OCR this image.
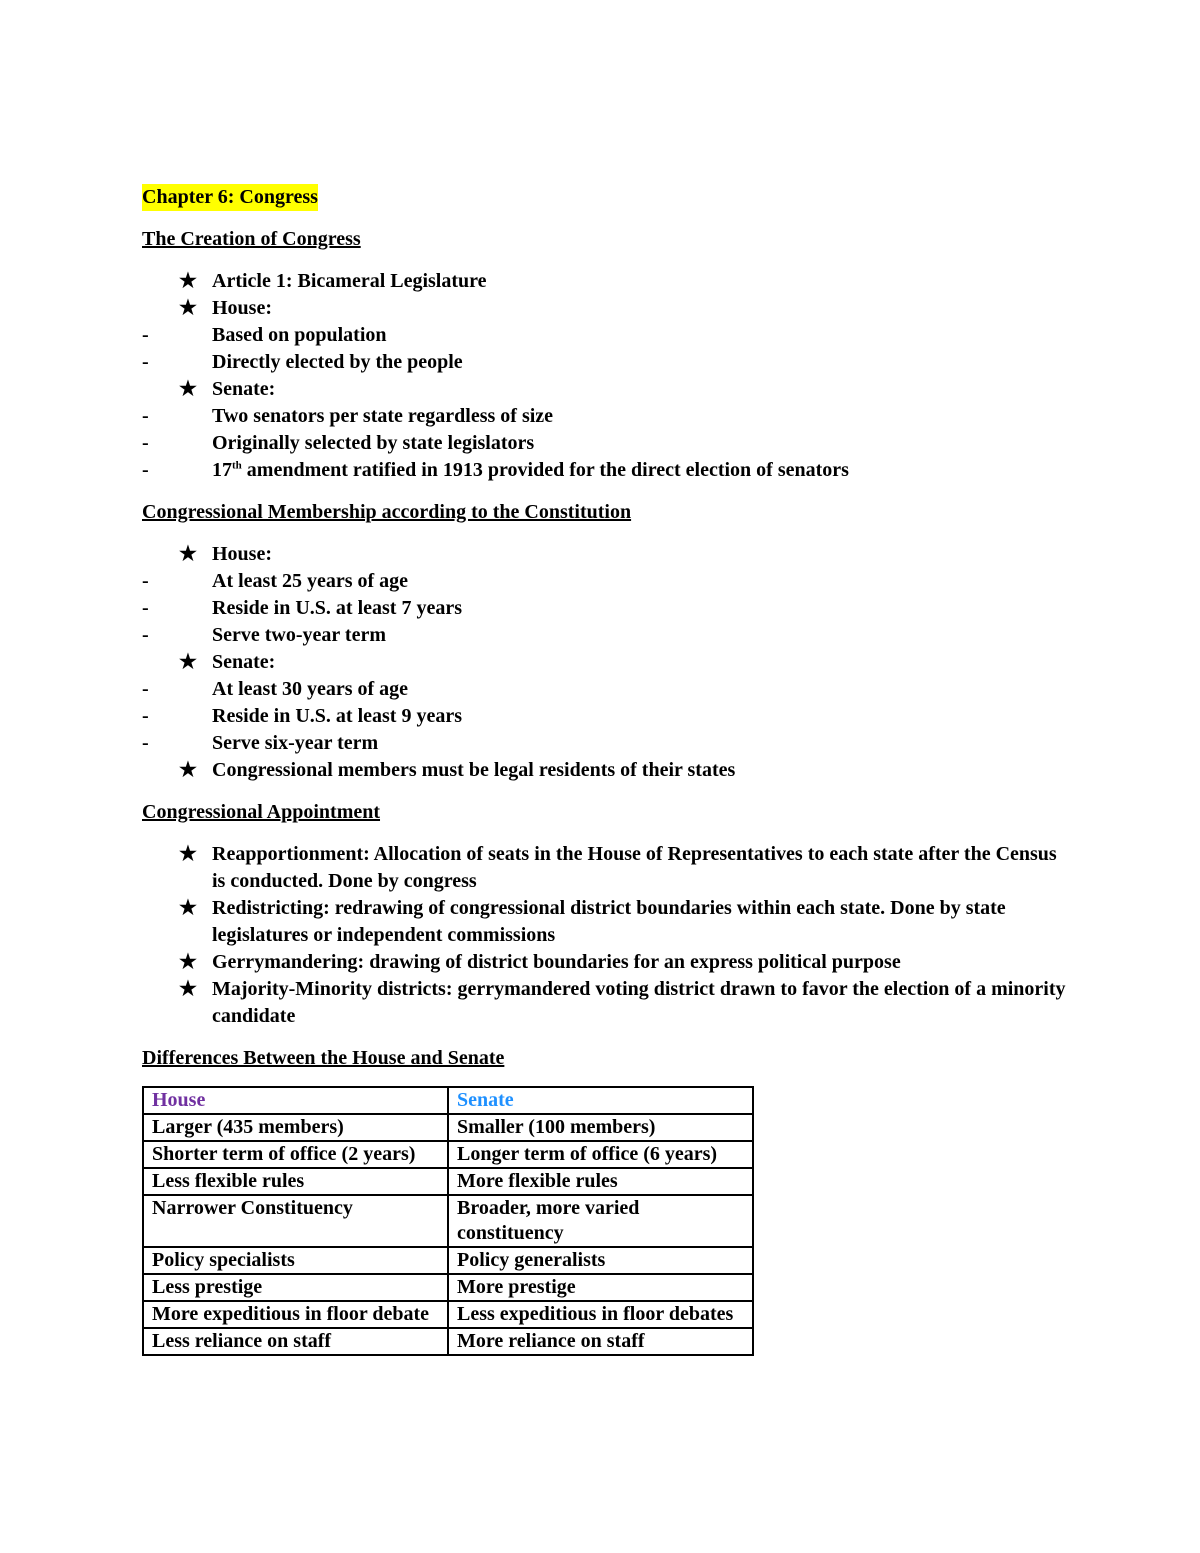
Chapter 6: Congress
The Creation of Congress
★ Article 1: Bicameral Legislature
★ House:
-	Based on population
-	Directly elected by the people
★ Senate:
-	Two senators per state regardless of size
-	Originally selected by state legislators
-	17th amendment ratified in 1913 provided for the direct election of senators
Congressional Membership according to the Constitution
★ House:
-	At least 25 years of age
-	Reside in U.S. at least 7 years
-	Serve two-year term
★ Senate:
-	At least 30 years of age
-	Reside in U.S. at least 9 years
-	Serve six-year term
★ Congressional members must be legal residents of their states
Congressional Appointment
★ Reapportionment: Allocation of seats in the House of Representatives to each state after the Census is conducted. Done by congress
★ Redistricting: redrawing of congressional district boundaries within each state. Done by state legislatures or independent commissions
★ Gerrymandering: drawing of district boundaries for an express political purpose
★ Majority-Minority districts: gerrymandered voting district drawn to favor the election of a minority candidate
Differences Between the House and Senate
House	Senate
Larger (435 members)	Smaller (100 members)
Shorter term of office (2 years)	Longer term of office (6 years)
Less flexible rules	More flexible rules
Narrower Constituency	Broader, more varied constituency
Policy specialists	Policy generalists
Less prestige	More prestige
More expeditious in floor debate	Less expeditious in floor debates
Less reliance on staff	More reliance on staff
